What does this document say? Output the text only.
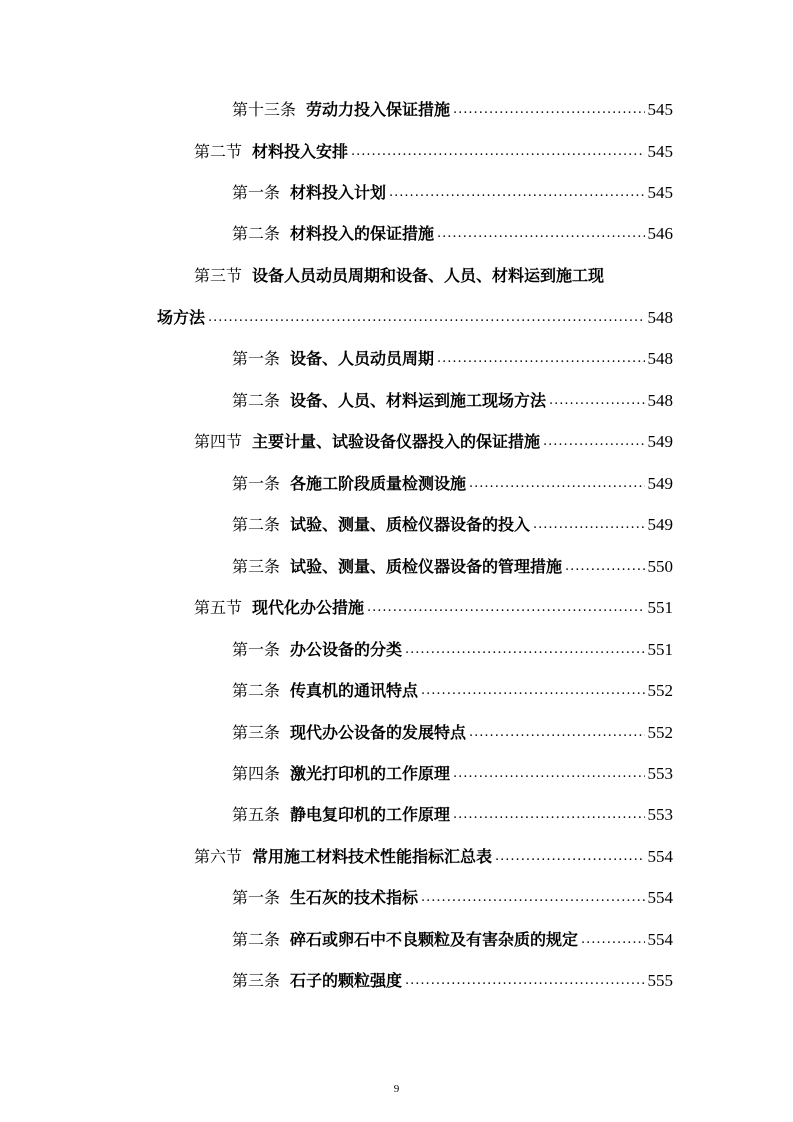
第十三条 劳动力投入保证措施 .....	545
第二节 材料投入安排 .....	545
第一条 材料投入计划 .....	545
第二条 材料投入的保证措施 .....	546
第三节 设备人员动员周期和设备、人员、材料运到施工现
场方法 .....	548
第一条 设备、人员动员周期 .....	548
第二条 设备、人员、材料运到施工现场方法 .....	548
第四节 主要计量、试验设备仪器投入的保证措施 .....	549
第一条 各施工阶段质量检测设施 .....	549
第二条 试验、测量、质检仪器设备的投入 .....	549
第三条 试验、测量、质检仪器设备的管理措施 .....	550
第五节 现代化办公措施 .....	551
第一条 办公设备的分类 .....	551
第二条 传真机的通讯特点 .....	552
第三条 现代办公设备的发展特点 .....	552
第四条 激光打印机的工作原理 .....	553
第五条 静电复印机的工作原理 .....	553
第六节 常用施工材料技术性能指标汇总表 .....	554
第一条 生石灰的技术指标 .....	554
第二条 碎石或卵石中不良颗粒及有害杂质的规定 .....	554
第三条 石子的颗粒强度 .....	555
9
